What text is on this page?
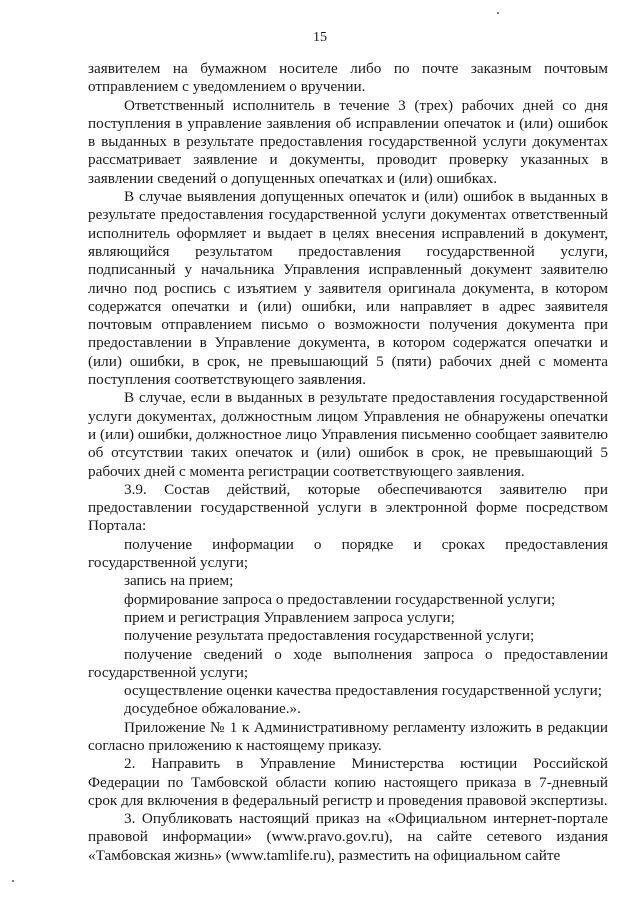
15

заявителем на бумажном носителе либо по почте заказным почтовым отправлением с уведомлением о вручении.

Ответственный исполнитель в течение 3 (трех) рабочих дней со дня поступления в управление заявления об исправлении опечаток и (или) ошибок в выданных в результате предоставления государственной услуги документах рассматривает заявление и документы, проводит проверку указанных в заявлении сведений о допущенных опечатках и (или) ошибках.

В случае выявления допущенных опечаток и (или) ошибок в выданных в результате предоставления государственной услуги документах ответственный исполнитель оформляет и выдает в целях внесения исправлений в документ, являющийся результатом предоставления государственной услуги, подписанный у начальника Управления исправленный документ заявителю лично под роспись с изъятием у заявителя оригинала документа, в котором содержатся опечатки и (или) ошибки, или направляет в адрес заявителя почтовым отправлением письмо о возможности получения документа при предоставлении в Управление документа, в котором содержатся опечатки и (или) ошибки, в срок, не превышающий 5 (пяти) рабочих дней с момента поступления соответствующего заявления.

В случае, если в выданных в результате предоставления государственной услуги документах, должностным лицом Управления не обнаружены опечатки и (или) ошибки, должностное лицо Управления письменно сообщает заявителю об отсутствии таких опечаток и (или) ошибок в срок, не превышающий 5 рабочих дней с момента регистрации соответствующего заявления.

3.9. Состав действий, которые обеспечиваются заявителю при предоставлении государственной услуги в электронной форме посредством Портала:

получение информации о порядке и сроках предоставления государственной услуги;

запись на прием;

формирование запроса о предоставлении государственной услуги;

прием и регистрация Управлением запроса услуги;

получение результата предоставления государственной услуги;

получение сведений о ходе выполнения запроса о предоставлении государственной услуги;

осуществление оценки качества предоставления государственной услуги;

досудебное обжалование.».

Приложение № 1 к Административному регламенту изложить в редакции согласно приложению к настоящему приказу.

2. Направить в Управление Министерства юстиции Российской Федерации по Тамбовской области копию настоящего приказа в 7-дневный срок для включения в федеральный регистр и проведения правовой экспертизы.

3. Опубликовать настоящий приказ на «Официальном интернет-портале правовой информации» (www.pravo.gov.ru), на сайте сетевого издания «Тамбовская жизнь» (www.tamlife.ru), разместить на официальном сайте
